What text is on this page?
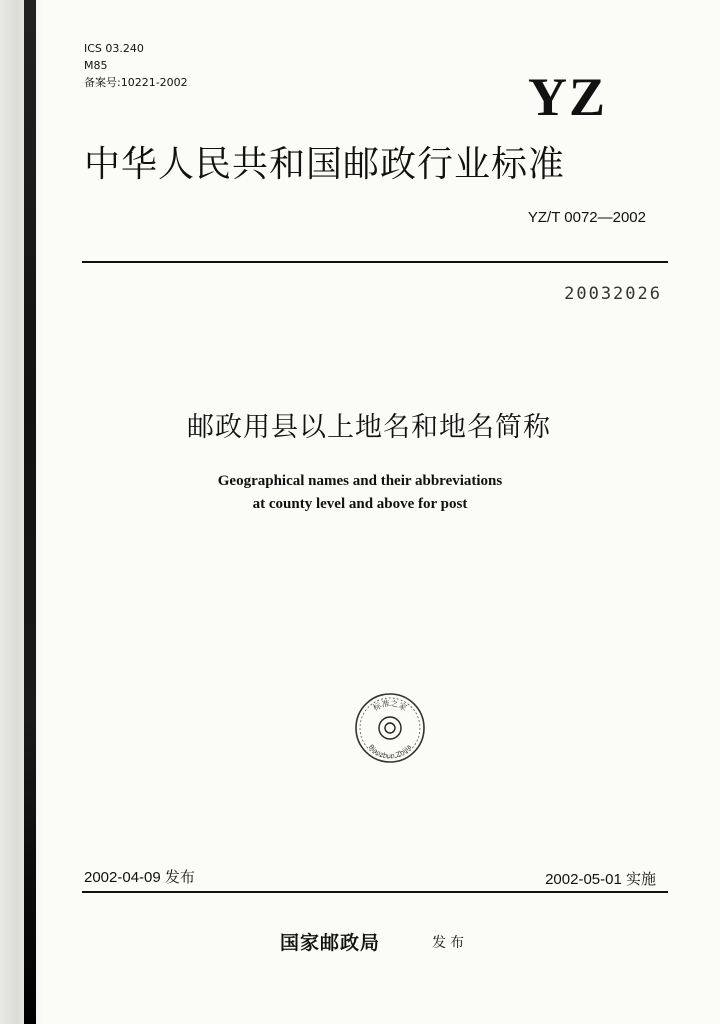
ICS 03.240
M85
备案号:10221-2002	YZ
中华人民共和国邮政行业标准
YZ/T 0072—2002
20032026
邮政用县以上地名和地名简称
Geographical names and their abbreviations
at county level and above for post
标准之家
Biaozhun Zhijia
2002-04-09 发布	2002-05-01 实施
国家邮政局	发布
